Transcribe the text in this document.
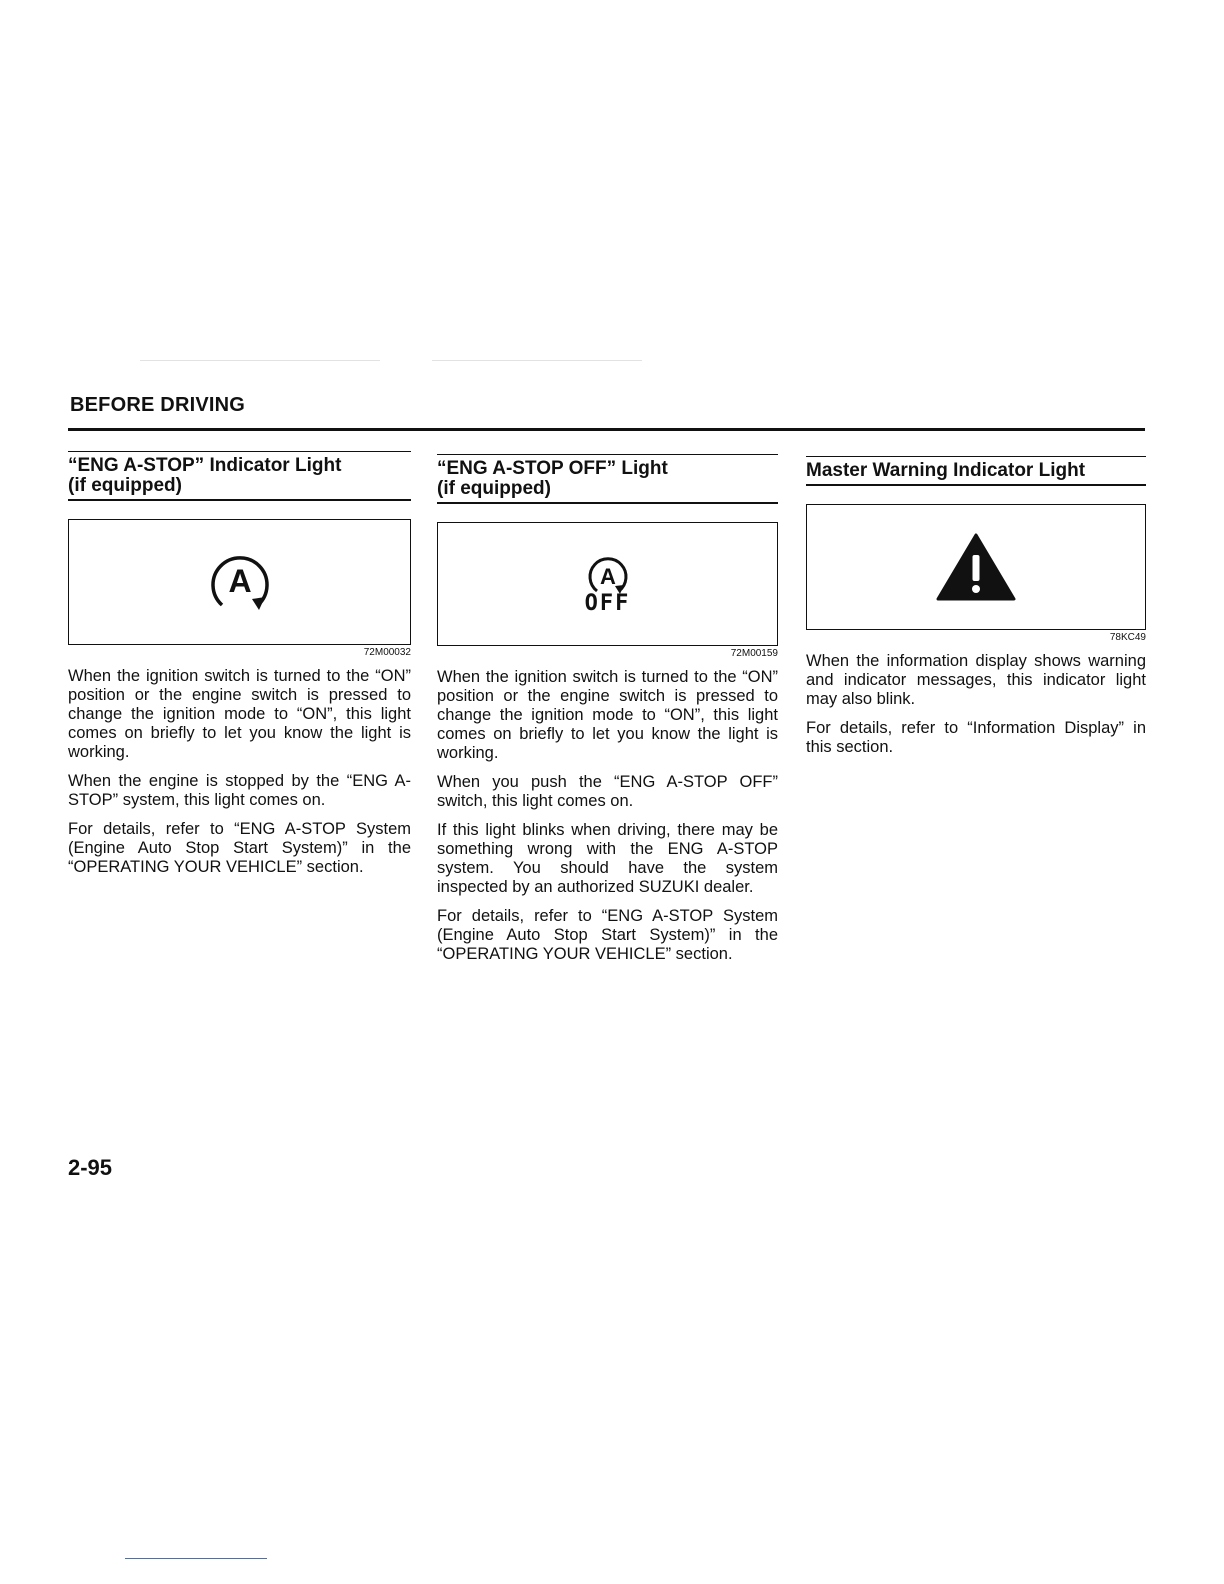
BEFORE DRIVING
“ENG A-STOP” Indicator Light
(if equipped)
A
72M00032

When the ignition switch is turned to the “ON” position or the engine switch is pressed to change the ignition mode to “ON”, this light comes on briefly to let you know the light is working.

When the engine is stopped by the “ENG A-STOP” system, this light comes on.

For details, refer to “ENG A-STOP System (Engine Auto Stop Start System)” in the “OPERATING YOUR VEHICLE” section.

“ENG A-STOP OFF” Light
(if equipped)
A
OFF
72M00159

When the ignition switch is turned to the “ON” position or the engine switch is pressed to change the ignition mode to “ON”, this light comes on briefly to let you know the light is working.

When you push the “ENG A-STOP OFF” switch, this light comes on.

If this light blinks when driving, there may be something wrong with the ENG A-STOP system. You should have the system inspected by an authorized SUZUKI dealer.

For details, refer to “ENG A-STOP System (Engine Auto Stop Start System)” in the “OPERATING YOUR VEHICLE” section.

Master Warning Indicator Light
78KC49

When the information display shows warning and indicator messages, this indicator light may also blink.

For details, refer to “Information Display” in this section.

2-95
